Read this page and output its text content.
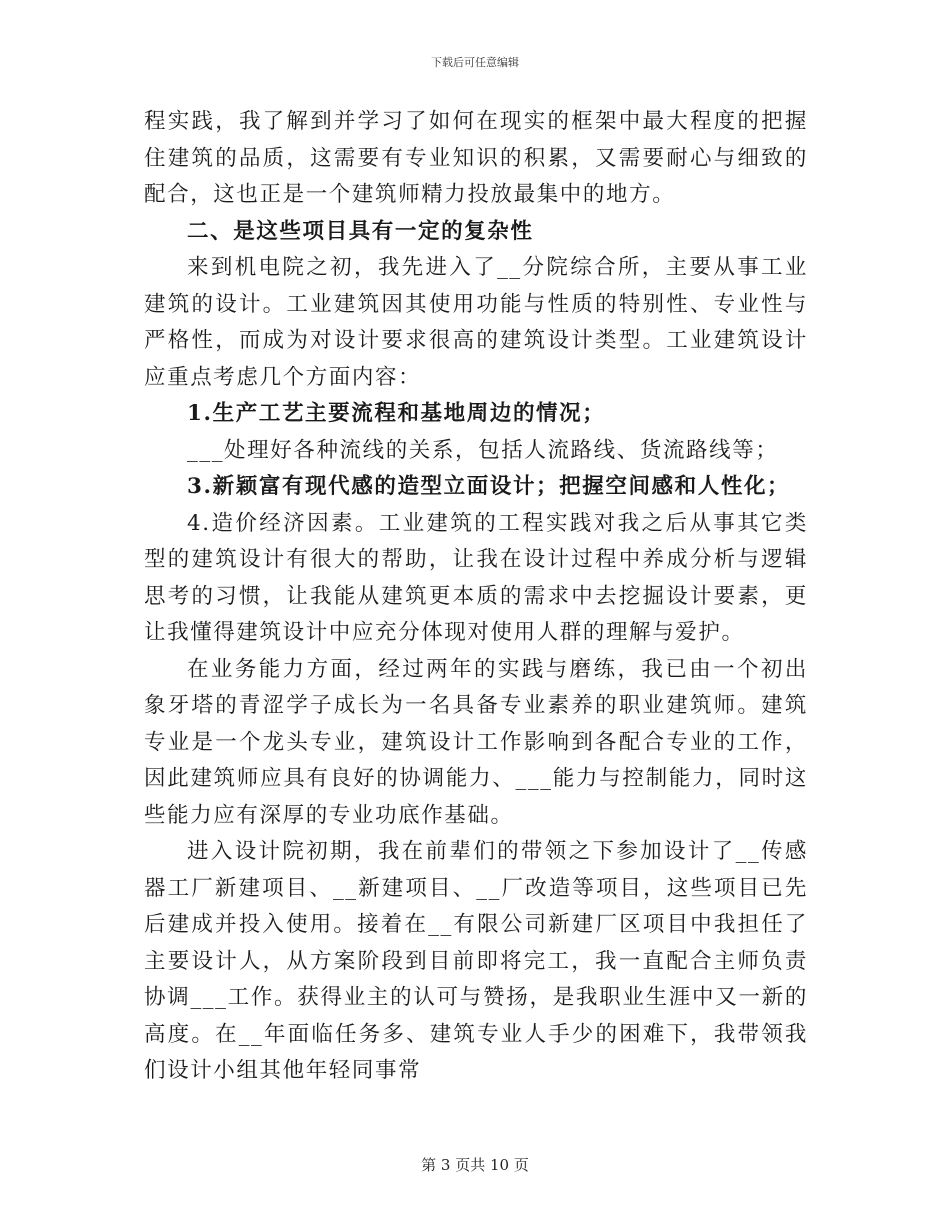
下载后可任意编辑

程实践，我了解到并学习了如何在现实的框架中最大程度的把握住建筑的品质，这需要有专业知识的积累，又需要耐心与细致的配合，这也正是一个建筑师精力投放最集中的地方。

二、是这些项目具有一定的复杂性

来到机电院之初，我先进入了__分院综合所，主要从事工业建筑的设计。工业建筑因其使用功能与性质的特别性、专业性与严格性，而成为对设计要求很高的建筑设计类型。工业建筑设计应重点考虑几个方面内容：

1.生产工艺主要流程和基地周边的情况；

___处理好各种流线的关系，包括人流路线、货流路线等；

3.新颖富有现代感的造型立面设计；把握空间感和人性化；

4.造价经济因素。工业建筑的工程实践对我之后从事其它类型的建筑设计有很大的帮助，让我在设计过程中养成分析与逻辑思考的习惯，让我能从建筑更本质的需求中去挖掘设计要素，更让我懂得建筑设计中应充分体现对使用人群的理解与爱护。

在业务能力方面，经过两年的实践与磨练，我已由一个初出象牙塔的青涩学子成长为一名具备专业素养的职业建筑师。建筑专业是一个龙头专业，建筑设计工作影响到各配合专业的工作，因此建筑师应具有良好的协调能力、___能力与控制能力，同时这些能力应有深厚的专业功底作基础。

进入设计院初期，我在前辈们的带领之下参加设计了__传感器工厂新建项目、__新建项目、__厂改造等项目，这些项目已先后建成并投入使用。接着在__有限公司新建厂区项目中我担任了主要设计人，从方案阶段到目前即将完工，我一直配合主师负责协调___工作。获得业主的认可与赞扬，是我职业生涯中又一新的高度。在__年面临任务多、建筑专业人手少的困难下，我带领我们设计小组其他年轻同事常

第 3 页共 10 页
